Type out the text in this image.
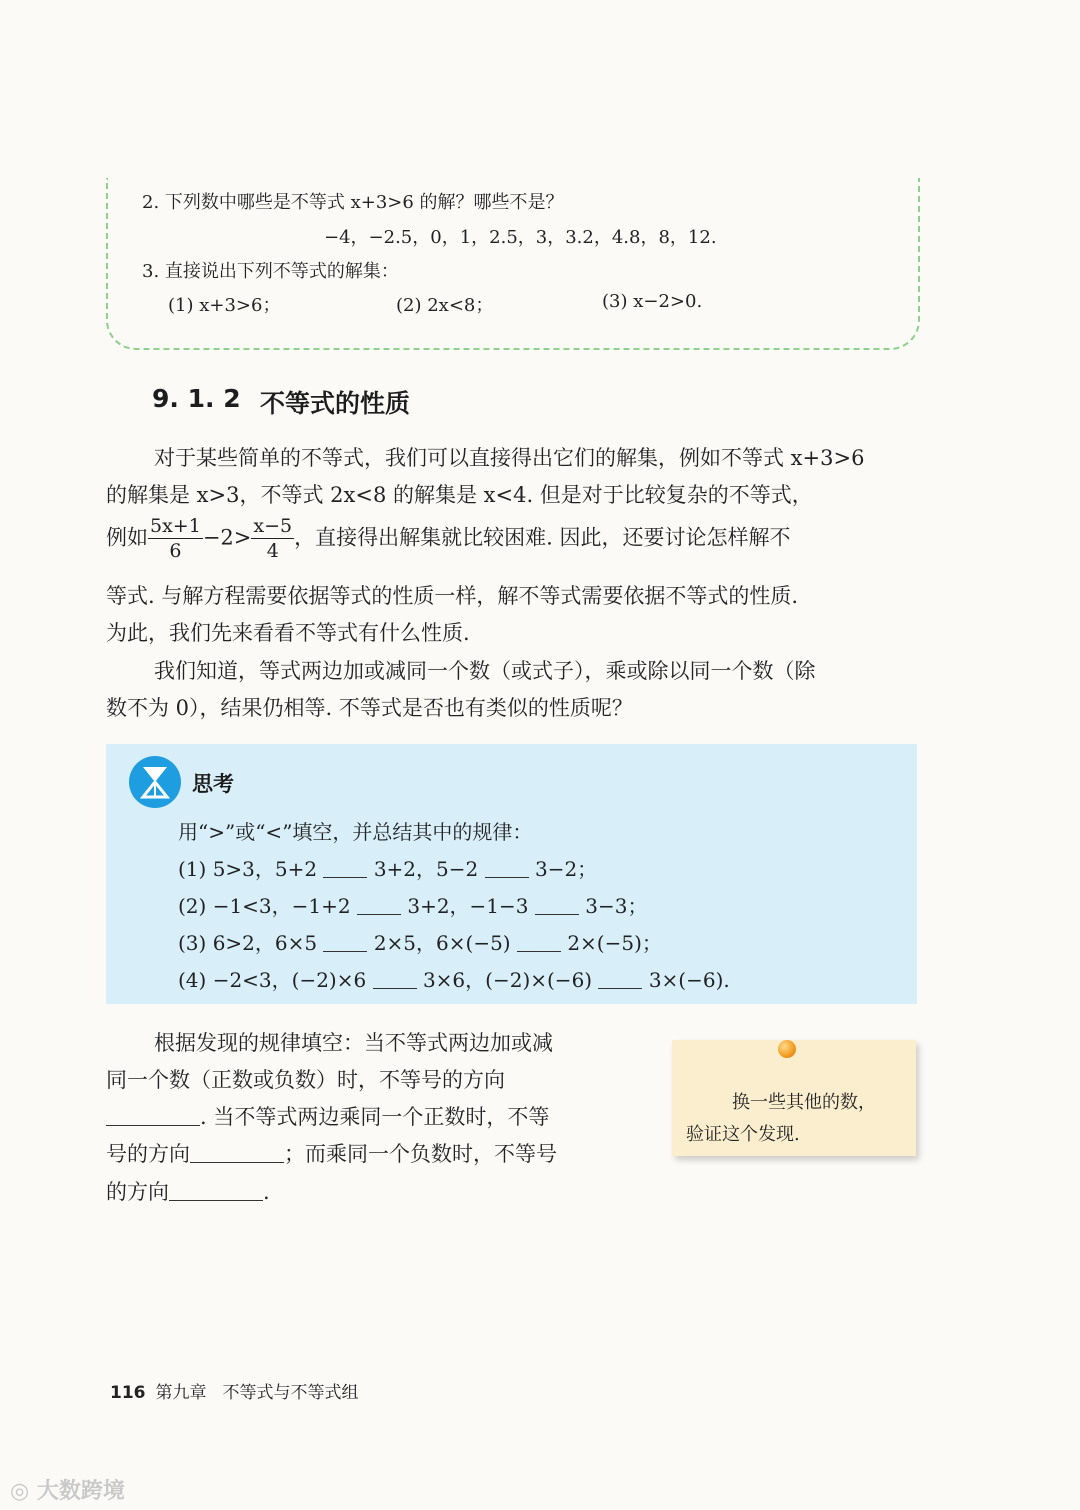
2. 下列数中哪些是不等式 x+3>6 的解？哪些不是？
−4，−2.5，0，1，2.5，3，3.2，4.8，8，12.
3. 直接说出下列不等式的解集：
(1) x+3>6；	(2) 2x<8；	(3) x−2>0.
9. 1. 2 不等式的性质
对于某些简单的不等式，我们可以直接得出它们的解集，例如不等式 x+3>6
的解集是 x>3，不等式 2x<8 的解集是 x<4. 但是对于比较复杂的不等式，
例如 $\frac{5x+1}{6} -2> \frac{x-5}{4}$ ，直接得出解集就比较困难. 因此，还要讨论怎样解不
等式. 与解方程需要依据等式的性质一样，解不等式需要依据不等式的性质.
为此，我们先来看看不等式有什么性质.
我们知道，等式两边加或减同一个数（或式子），乘或除以同一个数（除
数不为 0），结果仍相等. 不等式是否也有类似的性质呢？
思考
用“>”或“<”填空，并总结其中的规律：
(1) 5>3，5+2	3+2，5−2	3−2；
(2) −1<3，−1+2	3+2，−1−3	3−3；
(3) 6>2，6×5	2×5，6×(−5)	2×(−5)；
(4) −2<3，(−2)×6	3×6，(−2)×(−6)	3×(−6).
根据发现的规律填空：当不等式两边加或减
同一个数（正数或负数）时，不等号的方向
. 当不等式两边乘同一个正数时，不等
号的方向	；而乘同一个负数时，不等号
的方向	.
换一些其他的数，
验证这个发现.
116 第九章 不等式与不等式组
◎ 大数跨境
